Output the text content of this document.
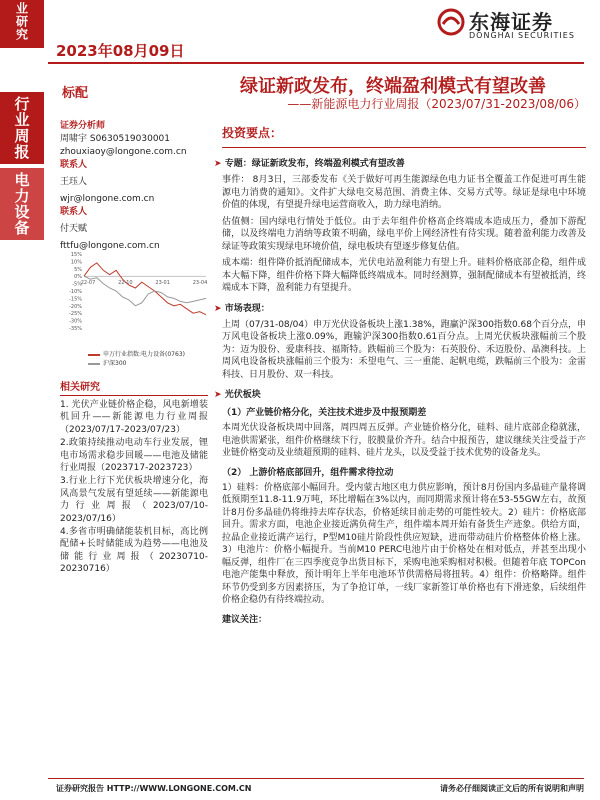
业研究
行业周报
电力设备
2023年08月09日
东海证券
DONGHAI SECURITIES
标配	绿证新政发布，终端盈利模式有望改善
——新能源电力行业周报（2023/07/31-2023/08/06）
证券分析师
周啸宇 S0630519030001
zhouxiaoy@longone.com.cn
联系人
王珏人
wjr@longone.com.cn
联系人
付天赋
fttfu@longone.com.cn
15%
10%
5%
0%
-5%
-10%
-15%
-20%
-25%
-30%
-35%
22-07	22-10	23-01	23-04
申万行业指数:电力设备(0763)
沪深300
相关研究
1. 光伏产业链价格企稳，风电新增装机回升——新能源电力行业周报（2023/07/17-2023/07/23）
2.政策持续推动电动车行业发展，锂电市场需求稳步回暖——电池及储能行业周报（2023717-2023723）
3.行业上行下光伏板块增速分化，海风高景气发展有望延续——新能源电力行业周报（2023/07/10-2023/07/16）
4.多省市明确储能装机目标，高比例配储+长时储能成为趋势——电池及储能行业周报（20230710-20230716）
投资要点：
➤ 专题：绿证新政发布，终端盈利模式有望改善
事件： 8月3日，三部委发布《关于做好可再生能源绿色电力证书全覆盖工作促进可再生能源电力消费的通知》。文件扩大绿电交易范围、消费主体、交易方式等。绿证是绿电中环境价值的体现，有望提升绿电运营商收入，助力绿电消纳。
估值侧：国内绿电行情处于低位。由于去年组件价格高企终端成本造成压力，叠加下游配储，以及终端电力消纳等政策不明确，绿电平价上网经济性有待实现。随着盈利能力改善及绿证等政策实现绿电环境价值，绿电板块有望逐步修复估值。
成本端：组件降价抵消配储成本，光伏电站盈利能力有望上升。硅料价格底部企稳，组件成本大幅下降，组件价格下降大幅降低终端成本。同时经测算，强制配储成本有望被抵消，终端成本下降，盈利能力有望提升。
➤ 市场表现：
上周（07/31-08/04）申万光伏设备板块上涨1.38%，跑赢沪深300指数0.68个百分点，申万风电设备板块上涨0.09%，跑输沪深300指数0.61百分点。上周光伏板块涨幅前三个股为：迈为股份、爱康科技、福斯特。跌幅前三个股为：石英股份、禾迈股份、晶澳科技。上周风电设备板块涨幅前三个股为：禾望电气、三一重能、起帆电缆，跌幅前三个股为：金雷科技、日月股份、双一科技。
➤ 光伏板块
（1）产业链价格分化，关注技术进步及中报预期差
本周光伏设备板块周中回落，周四周五反弹。产业链价格分化，硅料、硅片底部企稳就涨，电池供需紧张，组件价格继续下行，胶膜量价齐升。结合中报预告，建议继续关注受益于产业链价格变动及业绩超预期的硅料、硅片龙头，以及受益于技术优势的设备龙头。
（2） 上游价格底部回升，组件需求待拉动
1）硅料：价格底部小幅回升。受内蒙古地区电力供应影响，预计8月份国内多晶硅产量将调低预期至11.8-11.9万吨，环比增幅在3%以内，而同期需求预计将在53-55GW左右，故预计8月份多晶硅仍将维持去库存状态，价格延续目前走势的可能性较大。2）硅片：价格底部回升。需求方面，电池企业接近满负荷生产，组件端本周开始有备货生产迹象。供给方面，拉晶企业接近满产运行，P型M10硅片阶段性供应短缺，进而带动硅片价格整体价格上涨。3）电池片：价格小幅提升。当前M10 PERC电池片由于价格处在相对低点，并甚至出现小幅反弹，组件厂在三四季度竞争出货目标下，采购电池采购相对积极。但随着年底 TOPCon 电池产能集中释放，预计明年上半年电池环节供需格局将扭转。4）组件：价格略降。组件环节仍受到多方因素挤压，为了争抢订单，一线厂家新签订单价格也有下滑迹象，后续组件价格企稳仍有待终端拉动。
建议关注：
证券研究报告 HTTP://WWW.LONGONE.COM.CN	请务必仔细阅读正文后的所有说明和声明
